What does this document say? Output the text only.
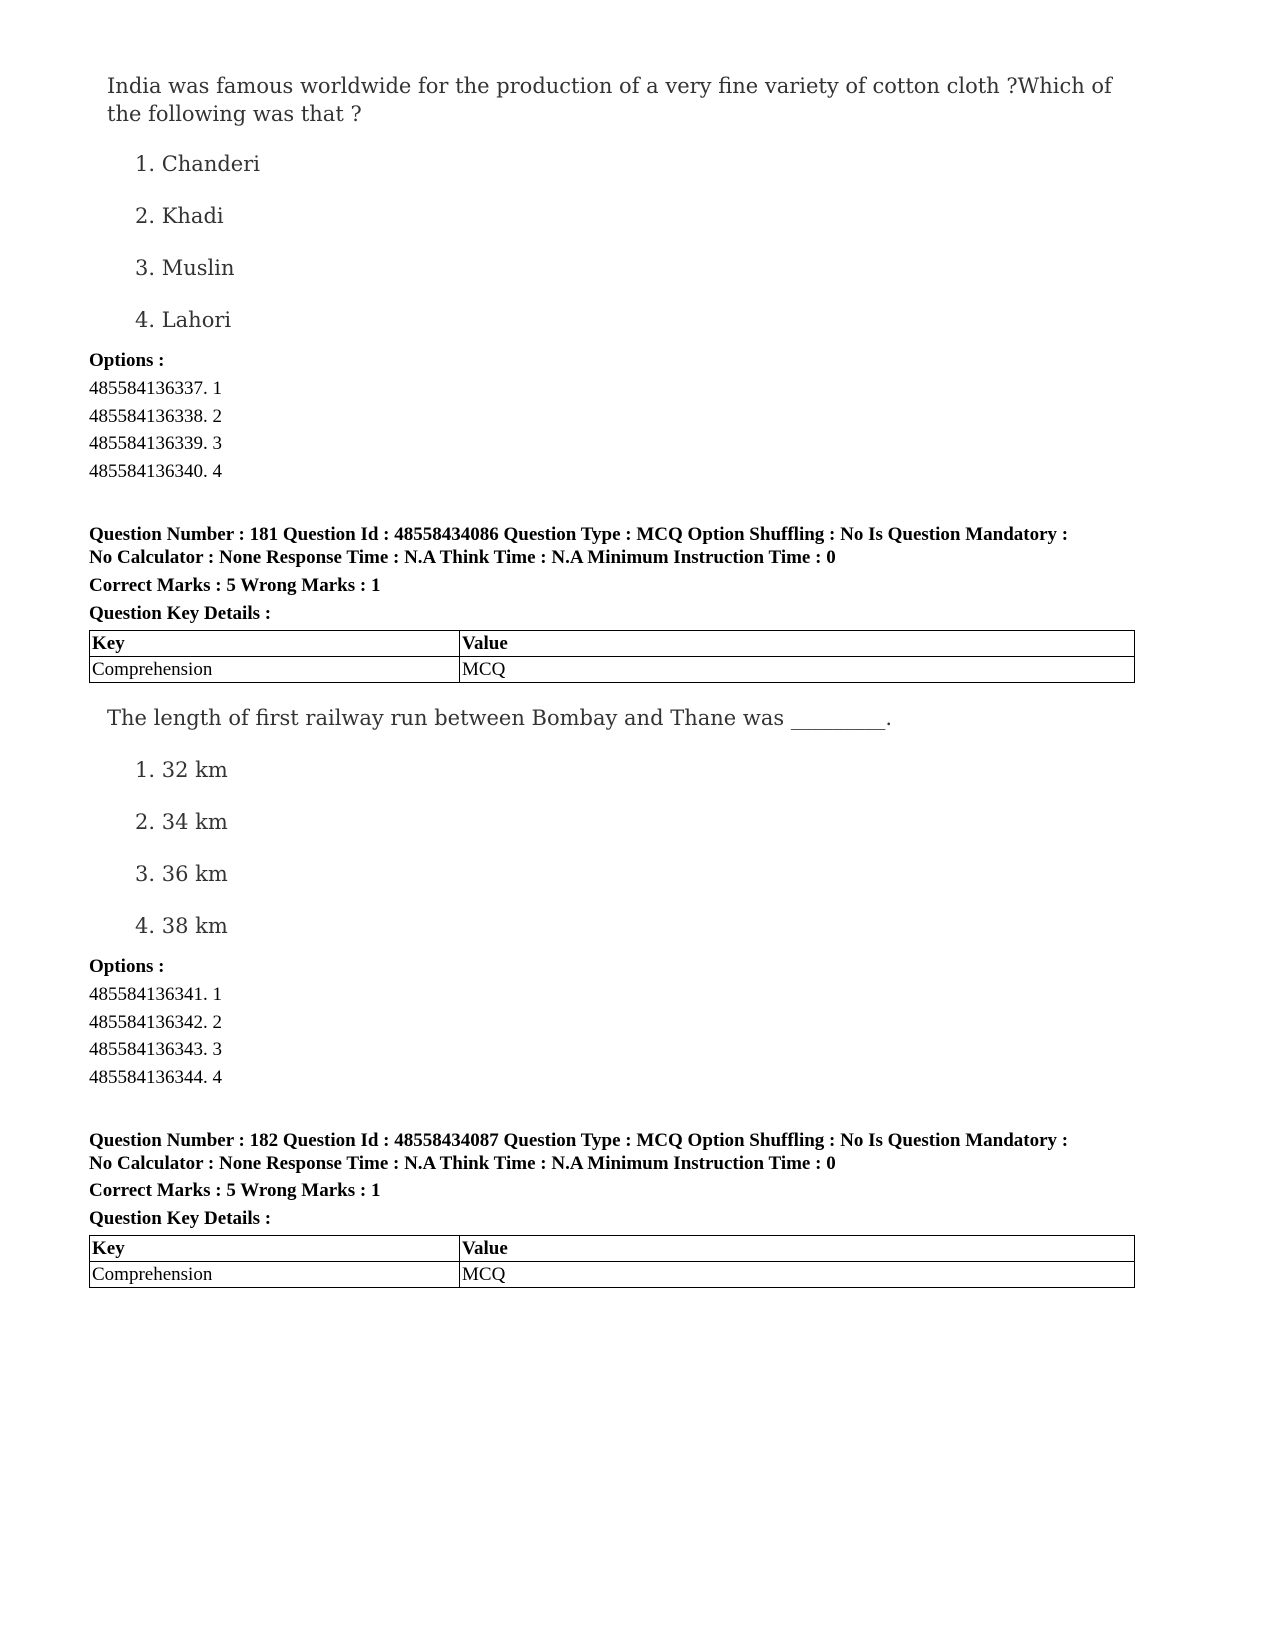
India was famous worldwide for the production of a very fine variety of cotton cloth ?Which of the following was that ?
1. Chanderi
2. Khadi
3. Muslin
4. Lahori
Options :
485584136337. 1
485584136338. 2
485584136339. 3
485584136340. 4
Question Number : 181 Question Id : 48558434086 Question Type : MCQ Option Shuffling : No Is Question Mandatory :
No Calculator : None Response Time : N.A Think Time : N.A Minimum Instruction Time : 0
Correct Marks : 5 Wrong Marks : 1
Question Key Details :
Key	Value
Comprehension	MCQ
The length of first railway run between Bombay and Thane was _________.
1. 32 km
2. 34 km
3. 36 km
4. 38 km
Options :
485584136341. 1
485584136342. 2
485584136343. 3
485584136344. 4
Question Number : 182 Question Id : 48558434087 Question Type : MCQ Option Shuffling : No Is Question Mandatory :
No Calculator : None Response Time : N.A Think Time : N.A Minimum Instruction Time : 0
Correct Marks : 5 Wrong Marks : 1
Question Key Details :
Key	Value
Comprehension	MCQ
